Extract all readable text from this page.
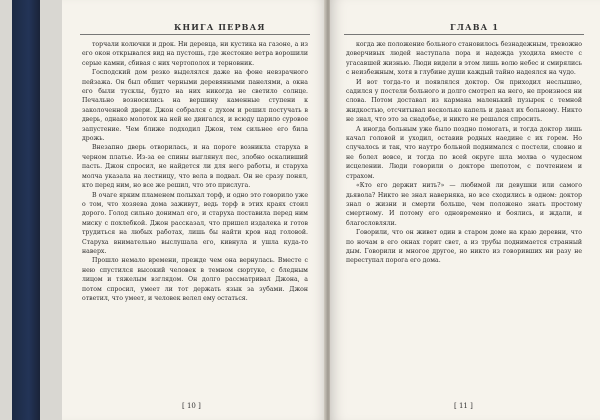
КНИГА ПЕРВАЯ

торчали колючки и дрок. Ни деревца, ни кустика на газоне, а из его окон открывался вид на пустошь, где жестокие ветра ворошили серые камни, сбивая с них чертополох и терновник.

Господский дом резко выделялся даже на фоне невзрачного пейзажа. Он был обшит черными деревянными панелями, а окна его были тусклы, будто на них никогда не светило солнце. Печально возносились на вершину каменные ступени к заколоченной двери. Джон собрался с духом и решил постучать в дверь, однако молоток на ней не двигался, и всюду царило суровое запустение. Чем ближе подходил Джон, тем сильнее его била дрожь.

Внезапно дверь отворилась, и на пороге возникла старуха в черном платье. Из-за ее спины выглянул пес, злобно оскаливший пасть. Джон спросил, не найдется ли для него работы, и старуха молча указала на лестницу, что вела в подвал. Он не сразу понял, кто перед ним, но все же решил, что это прислуга.

В очаге ярким пламенем полыхал торф, и одно это говорило уже о том, что хозяева дома заживут, ведь торф в этих краях стоил дорого. Голод сильно донимал его, и старуха поставила перед ним миску с похлебкой. Джон рассказал, что пришел издалека и готов трудиться на любых работах, лишь бы найти кров над головой. Старуха внимательно выслушала его, кивнула и ушла куда-то наверх.

Прошло немало времени, прежде чем она вернулась. Вместе с нею спустился высокий человек в темном сюртуке, с бледным лицом и тяжелым взглядом. Он долго рассматривал Джона, а потом спросил, умеет ли тот держать язык за зубами. Джон ответил, что умеет, и человек велел ему остаться.

[ 10 ]
ГЛАВА 1

когда же положение больного становилось безнадежным, тревожно доверчивых людей наступала пора и надежда уходила вместе с угасавшей жизнью. Люди видели в этом лишь волю небес и смирялись с неизбежным, хотя в глубине души каждый тайно надеялся на чудо.

И вот тогда-то и появлялся доктор. Он приходил неслышно, садился у постели больного и долго смотрел на него, не произнося ни слова. Потом доставал из кармана маленький пузырек с темной жидкостью, отсчитывал несколько капель и давал их больному. Никто не знал, что это за снадобье, и никто не решался спросить.

А иногда больным уже было поздно помогать, и тогда доктор лишь качал головой и уходил, оставив родных наедине с их горем. Но случалось и так, что наутро больной поднимался с постели, словно и не болел вовсе, и тогда по всей округе шла молва о чудесном исцелении. Люди говорили о докторе шепотом, с почтением и страхом.

«Кто его держит нить?» — любимой ли девушки или самого дьявола? Никто не знал наверняка, но все сходились в одном: доктор знал о жизни и смерти больше, чем положено знать простому смертному. И потому его одновременно и боялись, и ждали, и благословляли.

Говорили, что он живет один в старом доме на краю деревни, что по ночам в его окнах горит свет, а из трубы поднимается странный дым. Говорили и многое другое, но никто из говоривших ни разу не переступал порога его дома.

[ 11 ]
